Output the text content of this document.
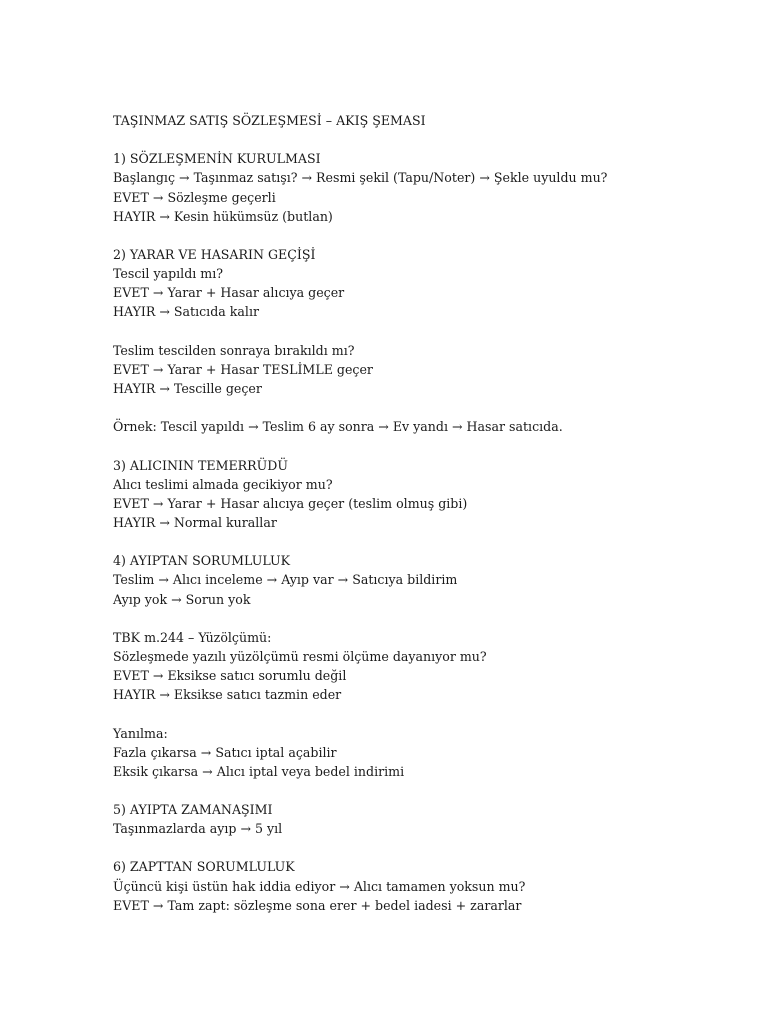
TAŞINMAZ SATIŞ SÖZLEŞMESİ – AKIŞ ŞEMASI
1) SÖZLEŞMENİN KURULMASI
Başlangıç → Taşınmaz satışı? → Resmi şekil (Tapu/Noter) → Şekle uyuldu mu?
EVET → Sözleşme geçerli
HAYIR → Kesin hükümsüz (butlan)
2) YARAR VE HASARIN GEÇİŞİ
Tescil yapıldı mı?
EVET → Yarar + Hasar alıcıya geçer
HAYIR → Satıcıda kalır
Teslim tescilden sonraya bırakıldı mı?
EVET → Yarar + Hasar TESLİMLE geçer
HAYIR → Tescille geçer
Örnek: Tescil yapıldı → Teslim 6 ay sonra → Ev yandı → Hasar satıcıda.
3) ALICININ TEMERRÜDÜ
Alıcı teslimi almada gecikiyor mu?
EVET → Yarar + Hasar alıcıya geçer (teslim olmuş gibi)
HAYIR → Normal kurallar
4) AYIPTAN SORUMLULUK
Teslim → Alıcı inceleme → Ayıp var → Satıcıya bildirim
Ayıp yok → Sorun yok
TBK m.244 – Yüzölçümü:
Sözleşmede yazılı yüzölçümü resmi ölçüme dayanıyor mu?
EVET → Eksikse satıcı sorumlu değil
HAYIR → Eksikse satıcı tazmin eder
Yanılma:
Fazla çıkarsa → Satıcı iptal açabilir
Eksik çıkarsa → Alıcı iptal veya bedel indirimi
5) AYIPTA ZAMANAŞIMI
Taşınmazlarda ayıp → 5 yıl
6) ZAPTTAN SORUMLULUK
Üçüncü kişi üstün hak iddia ediyor → Alıcı tamamen yoksun mu?
EVET → Tam zapt: sözleşme sona erer + bedel iadesi + zararlar
